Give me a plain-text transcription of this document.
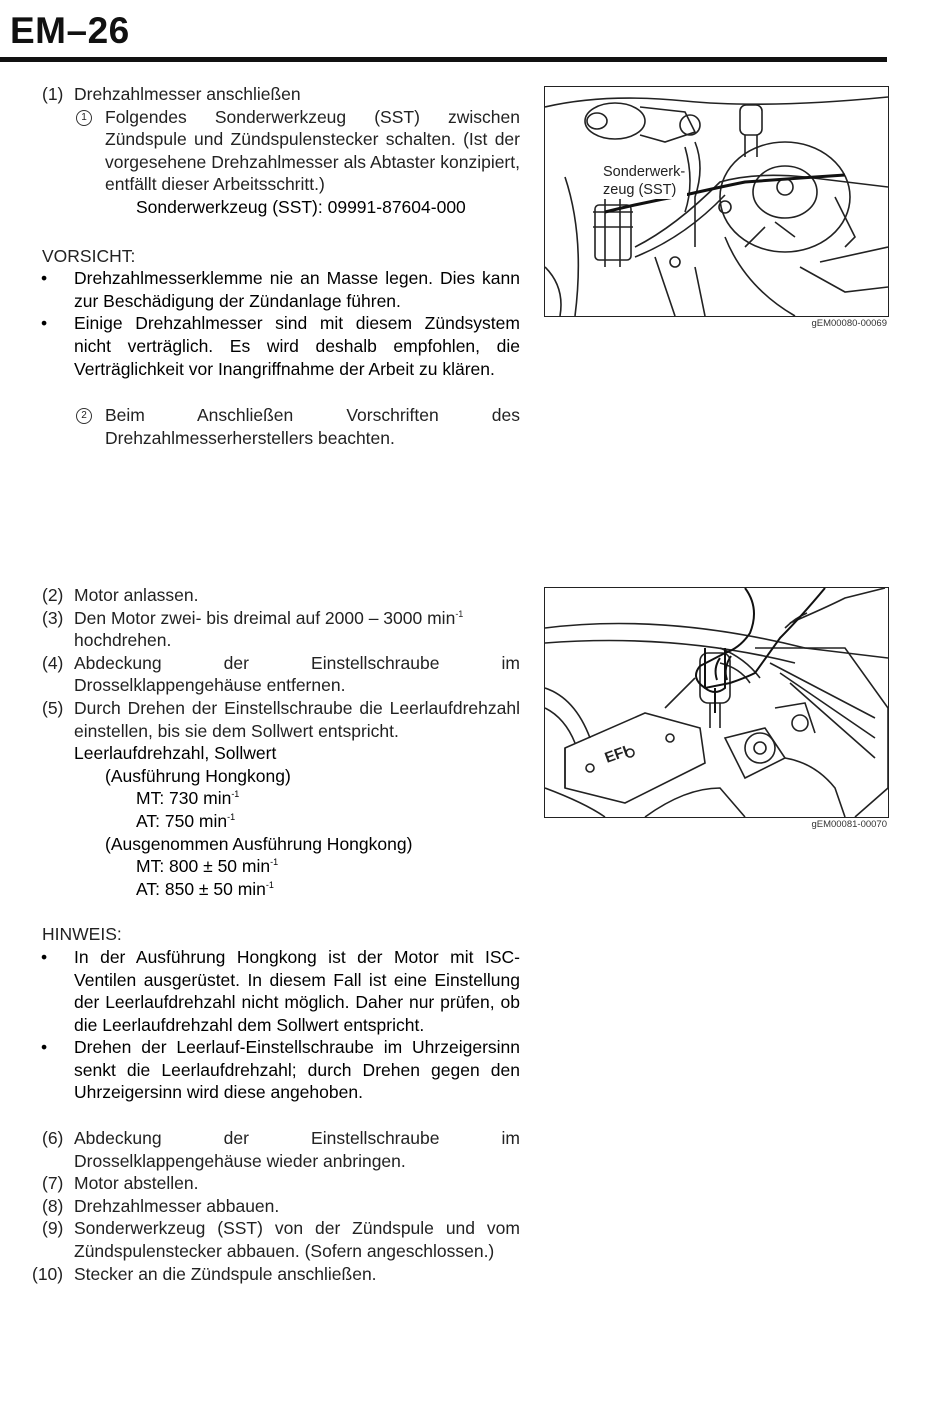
EM–26
(1) Drehzahlmesser anschließen
1 Folgendes Sonderwerkzeug (SST) zwischen Zündspule und Zündspulenstecker schalten. (Ist der vorgesehene Drehzahlmesser als Abtaster konzipiert, entfällt dieser Arbeitsschritt.)
Sonderwerkzeug (SST): 09991-87604-000
VORSICHT:
• Drehzahlmesserklemme nie an Masse legen. Dies kann zur Beschädigung der Zündanlage führen.
• Einige Drehzahlmesser sind mit diesem Zündsystem nicht verträglich. Es wird deshalb empfohlen, die Verträglichkeit vor Inangriffnahme der Arbeit zu klären.
2 Beim Anschließen Vorschriften des Drehzahlmesserherstellers beachten.
Sonderwerk-
zeug (SST)
gEM00080-00069
(2) Motor anlassen.
(3) Den Motor zwei- bis dreimal auf 2000 – 3000 $\min^{-1}$
hochdrehen.
(4) Abdeckung der Einstellschraube im Drosselklappengehäuse entfernen.
(5) Durch Drehen der Einstellschraube die Leerlaufdrehzahl einstellen, bis sie dem Sollwert entspricht.
Leerlaufdrehzahl, Sollwert
(Ausführung Hongkong)
MT: 730 $\min^{-1}$
AT: 750 $\min^{-1}$
(Ausgenommen Ausführung Hongkong)
MT: 800 ± 50 $\min^{-1}$
AT: 850 ± 50 $\min^{-1}$
HINWEIS:
• In der Ausführung Hongkong ist der Motor mit ISC-Ventilen ausgerüstet. In diesem Fall ist eine Einstellung der Leerlaufdrehzahl nicht möglich. Daher nur prüfen, ob die Leerlaufdrehzahl dem Sollwert entspricht.
• Drehen der Leerlauf-Einstellschraube im Uhrzeigersinn senkt die Leerlaufdrehzahl; durch Drehen gegen den Uhrzeigersinn wird diese angehoben.
(6) Abdeckung der Einstellschraube im Drosselklappengehäuse wieder anbringen.
(7) Motor abstellen.
(8) Drehzahlmesser abbauen.
(9) Sonderwerkzeug (SST) von der Zündspule und vom Zündspulenstecker abbauen. (Sofern angeschlossen.)
(10) Stecker an die Zündspule anschließen.
EFI
gEM00081-00070
